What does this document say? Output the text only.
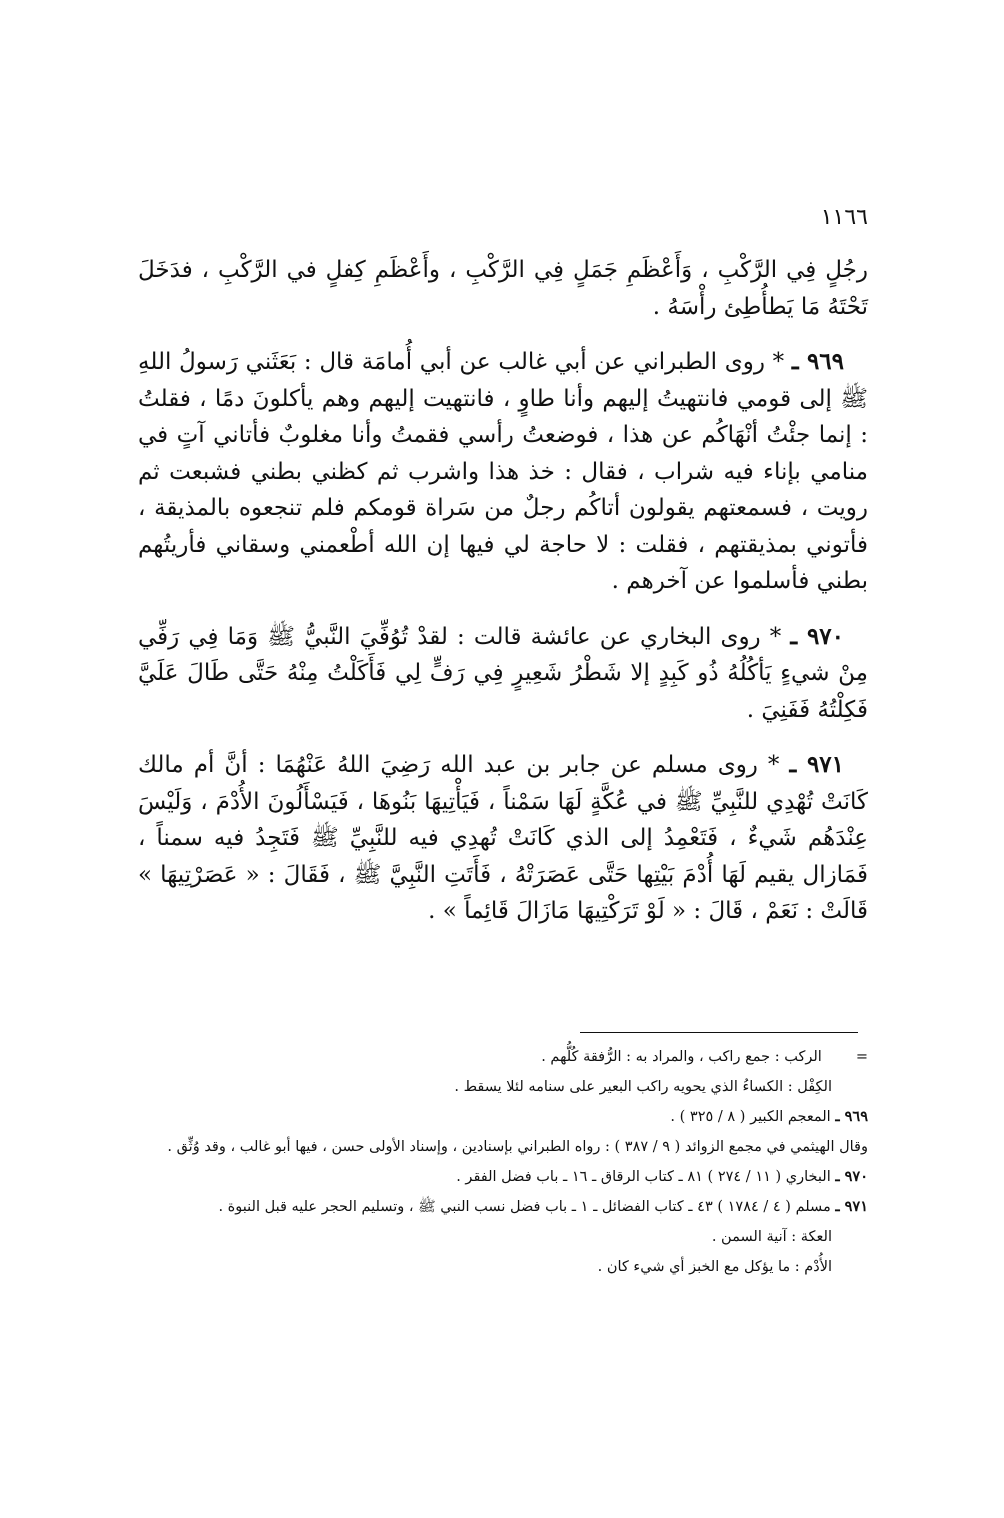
١١٦٦

رجُلٍ فِي الرَّكْبِ ، وَأَعْظَمِ جَمَلٍ فِي الرَّكْبِ ، وأَعْظَمِ كِفلٍ في الرَّكْبِ ، فدَخَلَ تَحْتَهُ مَا يَطأُطِئ رأْسَهُ .

٩٦٩ ـ * روى الطبراني عن أبي غالب عن أبي أُمامَة قال : بَعَثَني رَسولُ اللهِ ﷺ إلى قومي فانتهيتُ إليهم وأنا طاوٍ ، فانتهيت إليهم وهم يأكلونَ دمًا ، فقلتُ : إنما جئْتُ أنْهَاكُم عن هذا ، فوضعتُ رأسي فقمتُ وأنا مغلوبٌ فأتاني آتٍ في منامي بإناء فيه شراب ، فقال : خذ هذا واشرب ثم كظني بطني فشبعت ثم رويت ، فسمعتهم يقولون أتاكُم رجلٌ من سَراة قومكم فلم تنجعوه بالمذيقة ، فأتوني بمذيقتهم ، فقلت : لا حاجة لي فيها إن الله أطْعمني وسقاني فأريتُهم بطني فأسلموا عن آخرهم .

٩٧٠ ـ * روى البخاري عن عائشة قالت : لقدْ تُوُفِّيَ النَّبيُّ ﷺ وَمَا فِي رَفِّي مِنْ شيءٍ يَأكُلُهُ ذُو كَبِدٍ إلا شَطْرُ شَعِيرٍ فِي رَفٍّ لِي فَأَكَلْتُ مِنْهُ حَتَّى طَالَ عَلَيَّ فَكِلْتُهُ فَفَنِيَ .

٩٧١ ـ * روى مسلم عن جابر بن عبد الله رَضِيَ اللهُ عَنْهُمَا : أنَّ أم مالك كَانَتْ تُهْدِي للنَّبِيِّ ﷺ في عُكَّةٍ لَهَا سَمْناً ، فَيَأْتِيهَا بَنُوهَا ، فَيَسْأَلُونَ الأُدْمَ ، وَلَيْسَ عِنْدَهُم شَيءٌ ، فَتَعْمِدُ إلى الذي كَانَتْ تُهدِي فيه للنَّبِيِّ ﷺ فَتَجِدُ فيه سمناً ، فَمَازال يقيم لَهَا أُدْمَ بَيْتِها حَتَّى عَصَرَتْهُ ، فَأَتَتِ النَّبِيَّ ﷺ ، فَقَالَ : « عَصَرْتِيهَا » قَالَتْ : نَعَمْ ، قَالَ : « لَوْ تَرَكْتِيهَا مَازَالَ قَائِماً » .

=الركب : جمع راكب ، والمراد به : الرُّفقة كُلُّهم .

الكِفْل : الكساءُ الذي يحويه راكب البعير على سنامه لئلا يسقط .

٩٦٩ ـ المعجم الكبير ( ٨ / ٣٢٥ ) .

وقال الهيثمي في مجمع الزوائد ( ٩ / ٣٨٧ ) : رواه الطبراني بإسنادين ، وإسناد الأولى حسن ، فيها أبو غالب ، وقد وُثِّق .

٩٧٠ ـ البخاري ( ١١ / ٢٧٤ ) ٨١ ـ كتاب الرقاق ـ ١٦ ـ باب فضل الفقر .

٩٧١ ـ مسلم ( ٤ / ١٧٨٤ ) ٤٣ ـ كتاب الفضائل ـ ١ ـ باب فضل نسب النبي ﷺ ، وتسليم الحجر عليه قبل النبوة .

العكة : آنية السمن .

الأُدْم : ما يؤكل مع الخبز أي شيء كان .
